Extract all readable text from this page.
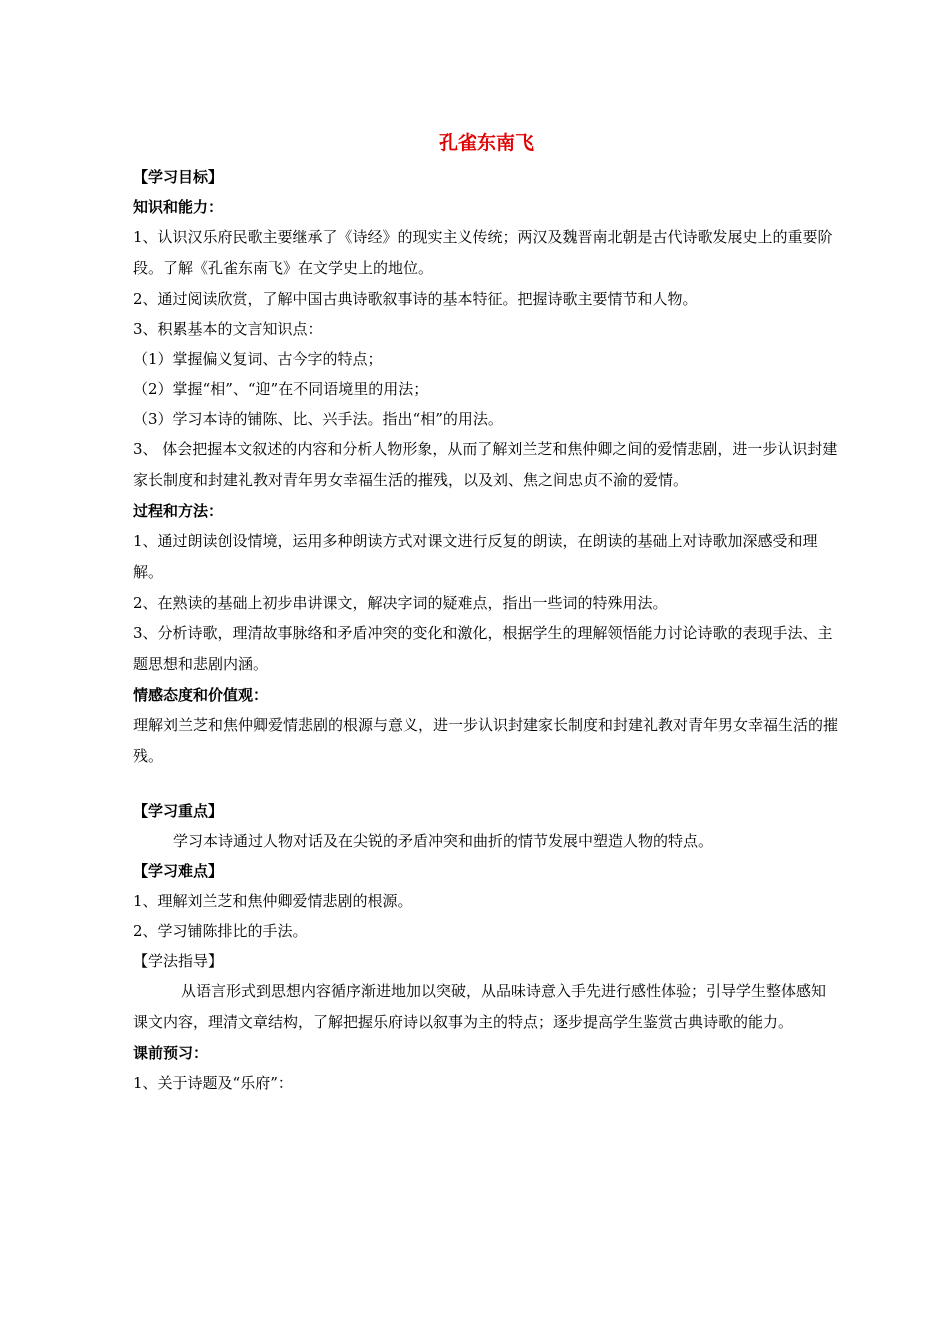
孔雀东南飞
【学习目标】
知识和能力：
1、认识汉乐府民歌主要继承了《诗经》的现实主义传统；两汉及魏晋南北朝是古代诗歌发展史上的重要阶段。了解《孔雀东南飞》在文学史上的地位。
2、通过阅读欣赏，了解中国古典诗歌叙事诗的基本特征。把握诗歌主要情节和人物。
3、积累基本的文言知识点：
（1）掌握偏义复词、古今字的特点；
（2）掌握“相”、“迎”在不同语境里的用法；
（3）学习本诗的铺陈、比、兴手法。指出“相”的用法。
3、 体会把握本文叙述的内容和分析人物形象，从而了解刘兰芝和焦仲卿之间的爱情悲剧，进一步认识封建家长制度和封建礼教对青年男女幸福生活的摧残，以及刘、焦之间忠贞不渝的爱情。
过程和方法：
1、通过朗读创设情境，运用多种朗读方式对课文进行反复的朗读，在朗读的基础上对诗歌加深感受和理解。
2、在熟读的基础上初步串讲课文，解决字词的疑难点，指出一些词的特殊用法。
3、分析诗歌，理清故事脉络和矛盾冲突的变化和激化，根据学生的理解领悟能力讨论诗歌的表现手法、主题思想和悲剧内涵。
情感态度和价值观：
理解刘兰芝和焦仲卿爱情悲剧的根源与意义，进一步认识封建家长制度和封建礼教对青年男女幸福生活的摧残。
【学习重点】
学习本诗通过人物对话及在尖锐的矛盾冲突和曲折的情节发展中塑造人物的特点。
【学习难点】
1、理解刘兰芝和焦仲卿爱情悲剧的根源。
2、学习铺陈排比的手法。
【学法指导】
从语言形式到思想内容循序渐进地加以突破，从品味诗意入手先进行感性体验；引导学生整体感知课文内容，理清文章结构，了解把握乐府诗以叙事为主的特点；逐步提高学生鉴赏古典诗歌的能力。
课前预习：
1、关于诗题及“乐府”：
